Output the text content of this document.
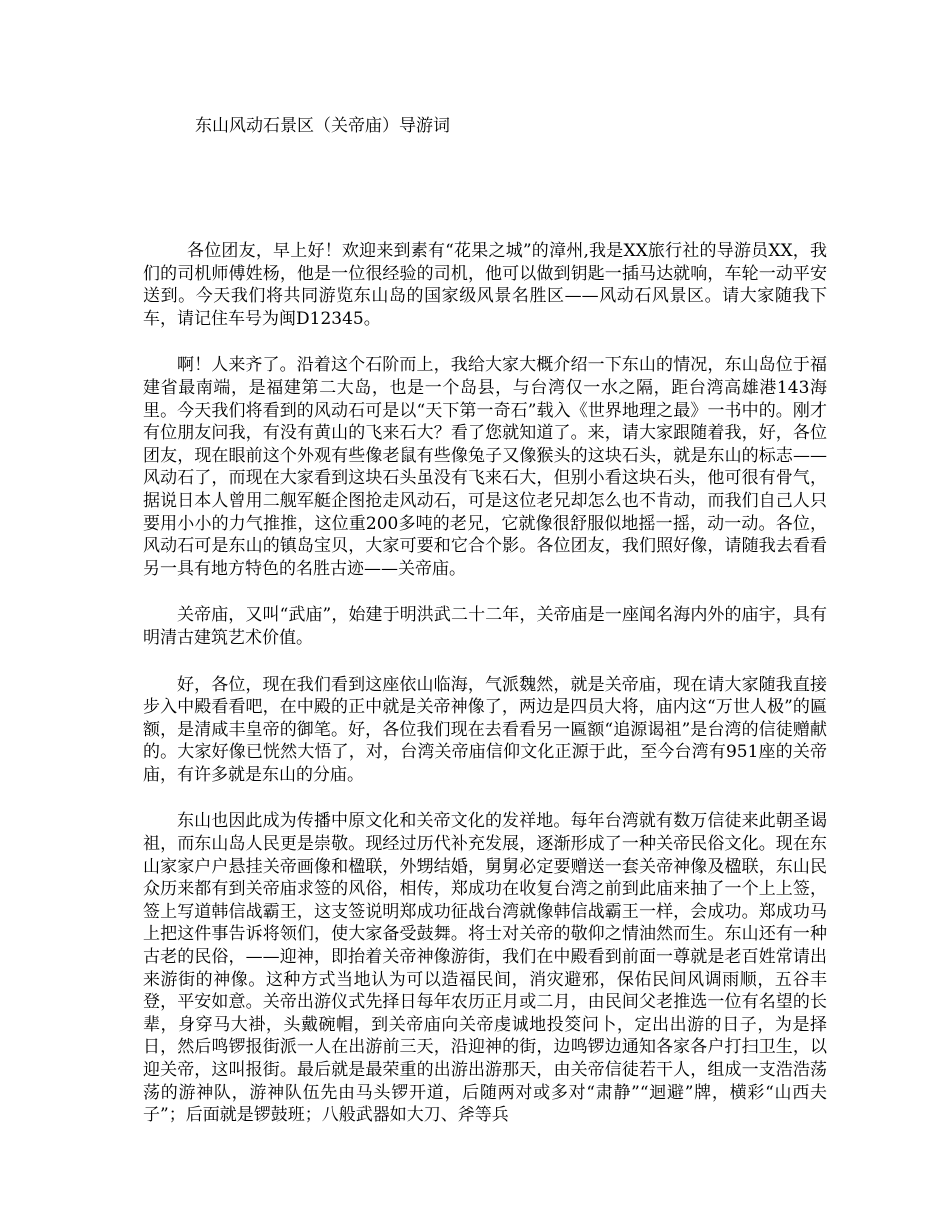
东山风动石景区（关帝庙）导游词

各位团友，早上好！欢迎来到素有“花果之城”的漳州,我是XX旅行社的导游员XX，我们的司机师傅姓杨，他是一位很经验的司机，他可以做到钥匙一插马达就响，车轮一动平安送到。今天我们将共同游览东山岛的国家级风景名胜区——风动石风景区。请大家随我下车，请记住车号为闽D12345。

啊！人来齐了。沿着这个石阶而上，我给大家大概介绍一下东山的情况，东山岛位于福建省最南端，是福建第二大岛，也是一个岛县，与台湾仅一水之隔，距台湾高雄港143海里。今天我们将看到的风动石可是以“天下第一奇石”载入《世界地理之最》一书中的。刚才有位朋友问我，有没有黄山的飞来石大？看了您就知道了。来，请大家跟随着我，好，各位团友，现在眼前这个外观有些像老鼠有些像兔子又像猴头的这块石头，就是东山的标志——风动石了，而现在大家看到这块石头虽没有飞来石大，但别小看这块石头，他可很有骨气，据说日本人曾用二舰军艇企图抢走风动石，可是这位老兄却怎么也不肯动，而我们自己人只要用小小的力气推推，这位重200多吨的老兄，它就像很舒服似地摇一摇，动一动。各位，风动石可是东山的镇岛宝贝，大家可要和它合个影。各位团友，我们照好像，请随我去看看另一具有地方特色的名胜古迹——关帝庙。

关帝庙，又叫“武庙”，始建于明洪武二十二年，关帝庙是一座闻名海内外的庙宇，具有明清古建筑艺术价值。

好，各位，现在我们看到这座依山临海，气派魏然，就是关帝庙，现在请大家随我直接步入中殿看看吧，在中殿的正中就是关帝神像了，两边是四员大将，庙内这“万世人极”的匾额，是清咸丰皇帝的御笔。好，各位我们现在去看看另一匾额“追源谒祖”是台湾的信徒赠献的。大家好像已恍然大悟了，对，台湾关帝庙信仰文化正源于此，至今台湾有951座的关帝庙，有许多就是东山的分庙。

东山也因此成为传播中原文化和关帝文化的发祥地。每年台湾就有数万信徒来此朝圣谒祖，而东山岛人民更是崇敬。现经过历代补充发展，逐渐形成了一种关帝民俗文化。现在东山家家户户悬挂关帝画像和楹联，外甥结婚，舅舅必定要赠送一套关帝神像及楹联，东山民众历来都有到关帝庙求签的风俗，相传，郑成功在收复台湾之前到此庙来抽了一个上上签，签上写道韩信战霸王，这支签说明郑成功征战台湾就像韩信战霸王一样，会成功。郑成功马上把这件事告诉将领们，使大家备受鼓舞。将士对关帝的敬仰之情油然而生。东山还有一种古老的民俗，——迎神，即抬着关帝神像游街，我们在中殿看到前面一尊就是老百姓常请出来游街的神像。这种方式当地认为可以造福民间，消灾避邪，保佑民间风调雨顺，五谷丰登，平安如意。关帝出游仪式先择日每年农历正月或二月，由民间父老推选一位有名望的长辈，身穿马大褂，头戴碗帽，到关帝庙向关帝虔诚地投筊问卜，定出出游的日子，为是择日，然后鸣锣报街派一人在出游前三天，沿迎神的街，边鸣锣边通知各家各户打扫卫生，以迎关帝，这叫报街。最后就是最荣重的出游出游那天，由关帝信徒若干人，组成一支浩浩荡荡的游神队，游神队伍先由马头锣开道，后随两对或多对“肃静”“迴避”牌，横彩“山西夫子”；后面就是锣鼓班；八般武器如大刀、斧等兵
